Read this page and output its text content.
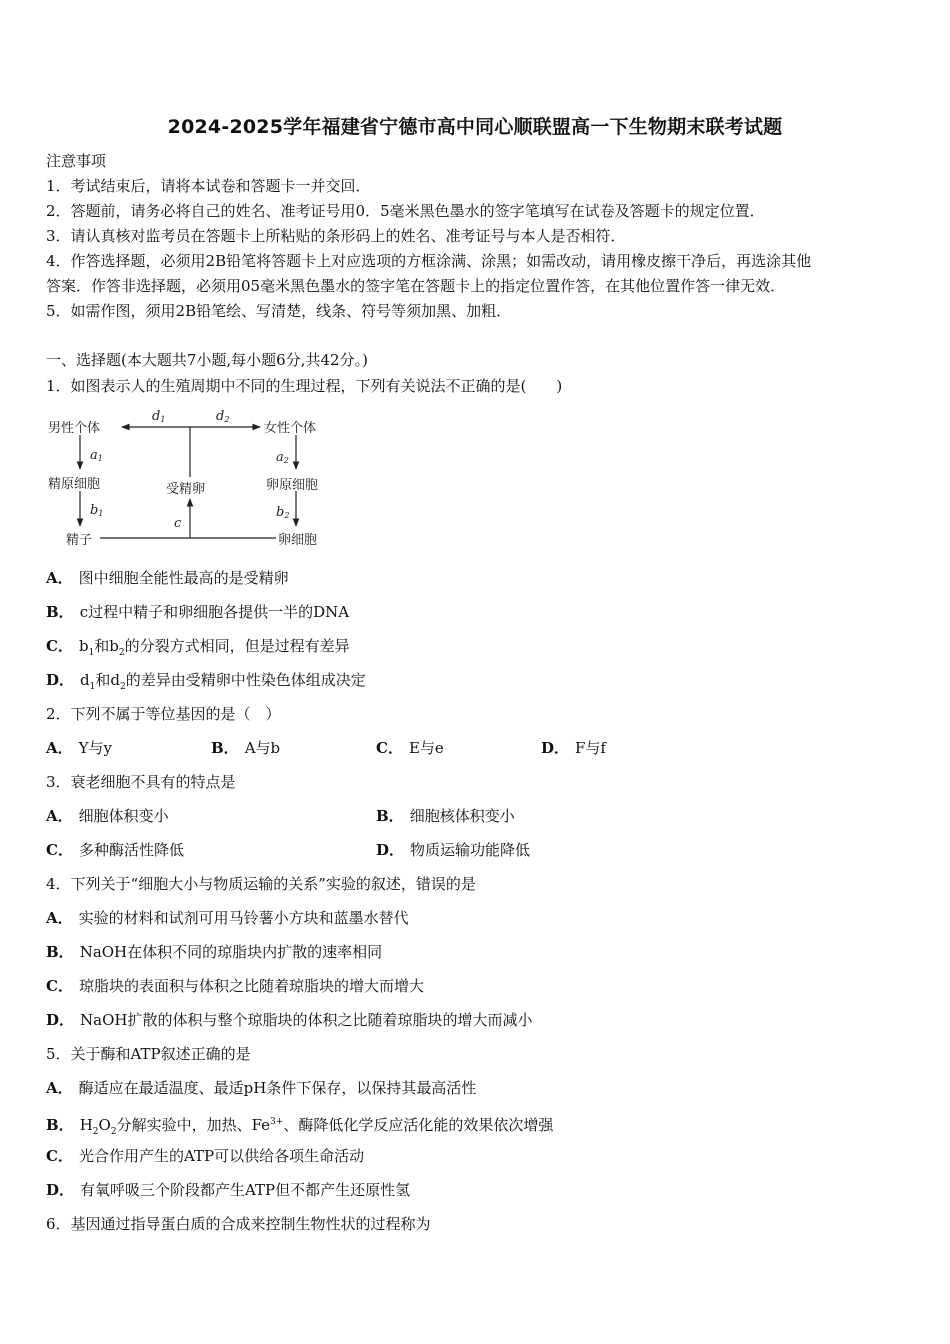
2024-2025学年福建省宁德市高中同心顺联盟高一下生物期末联考试题
注意事项
1．考试结束后，请将本试卷和答题卡一并交回．
2．答题前，请务必将自己的姓名、准考证号用0．5毫米黑色墨水的签字笔填写在试卷及答题卡的规定位置．
3．请认真核对监考员在答题卡上所粘贴的条形码上的姓名、准考证号与本人是否相符．
4．作答选择题，必须用2B铅笔将答题卡上对应选项的方框涂满、涂黑；如需改动，请用橡皮擦干净后，再选涂其他
答案．作答非选择题，必须用05毫米黑色墨水的签字笔在答题卡上的指定位置作答，在其他位置作答一律无效．
5．如需作图，须用2B铅笔绘、写清楚，线条、符号等须加黑、加粗．
一、选择题(本大题共7小题,每小题6分,共42分。)
1．如图表示人的生殖周期中不同的生理过程，下列有关说法不正确的是(　　)
男性个体	女性个体
精原细胞	卵原细胞
受精卵
精子	卵细胞
d1	d2
a1	a2
b1	b2
c
A． 图中细胞全能性最高的是受精卵
B． c过程中精子和卵细胞各提供一半的DNA
C． $b_1$和$b_2$的分裂方式相同，但是过程有差异
D． $d_1$和$d_2$的差异由受精卵中性染色体组成决定
2．下列不属于等位基因的是（　）
A． Y与y	B． A与b	C． E与e	D． F与f
3．衰老细胞不具有的特点是
A． 细胞体积变小	B． 细胞核体积变小
C． 多种酶活性降低	D． 物质运输功能降低
4．下列关于“细胞大小与物质运输的关系”实验的叙述，错误的是
A． 实验的材料和试剂可用马铃薯小方块和蓝墨水替代
B． NaOH在体积不同的琼脂块内扩散的速率相同
C． 琼脂块的表面积与体积之比随着琼脂块的增大而增大
D． NaOH扩散的体积与整个琼脂块的体积之比随着琼脂块的增大而减小
5．关于酶和ATP叙述正确的是
A． 酶适应在最适温度、最适pH条件下保存，以保持其最高活性
B． $H_2O_2$分解实验中，加热、$Fe^{3+}$、酶降低化学反应活化能的效果依次增强
C． 光合作用产生的ATP可以供给各项生命活动
D． 有氧呼吸三个阶段都产生ATP但不都产生还原性氢
6．基因通过指导蛋白质的合成来控制生物性状的过程称为
